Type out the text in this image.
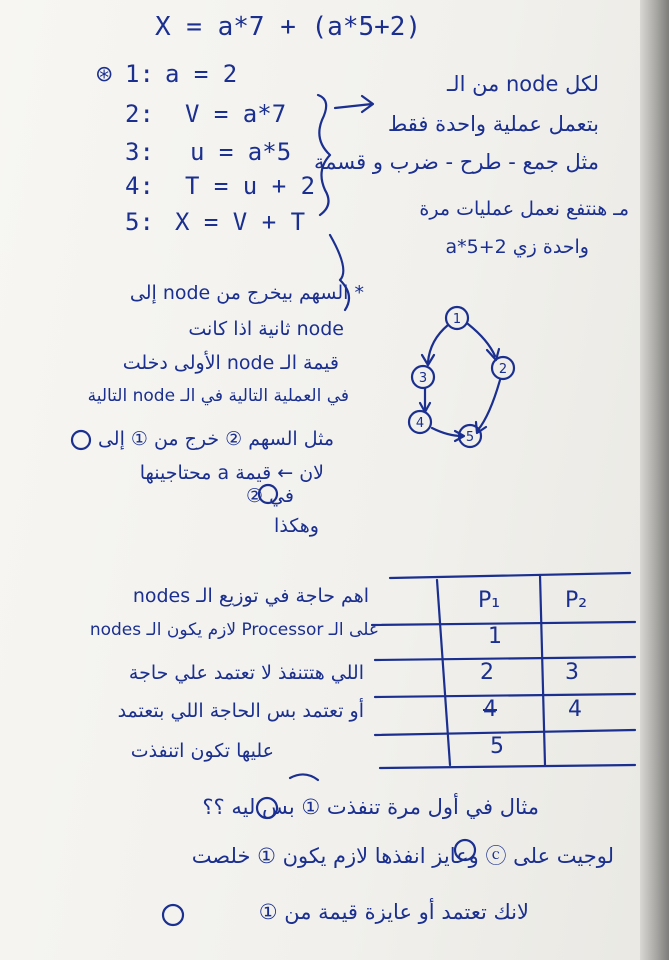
X = a*7 + (a*5+2)
⊛ 1: a = 2
2: V = a*7
3: u = a*5
4: T = u + 2
5: X = V + T
1
2
3
4
5
لكل node من الـ
بتعمل عملية واحدة فقط
مثل جمع - طرح - ضرب و قسمة
مـ هنتفع نعمل عمليات مرة
واحدة زي a*5+2
* السهم بيخرج من node إلى
node ثانية اذا كانت
قيمة الـ node الأولى دخلت
في العملية التالية في الـ node التالية
مثل السهم ② خرج من ① إلى
لان ← قيمة a محتاجينها
في ②
وهكذا
اهم حاجة في توزيع الـ nodes
على الـ Processor لازم يكون الـ nodes
اللي هتتنفذ لا تعتمد علي حاجة
أو تعتمد بس الحاجة اللي بتعتمد
عليها تكون اتنفذت
P₁	P₂
1
2	3
4	4
5
مثال في أول مرة تنفذت ① بس ليه ؟؟
لوجيت على ⓒ وعايز انفذها لازم يكون ① خلصت
لانك تعتمد أو عايزة قيمة من ①
